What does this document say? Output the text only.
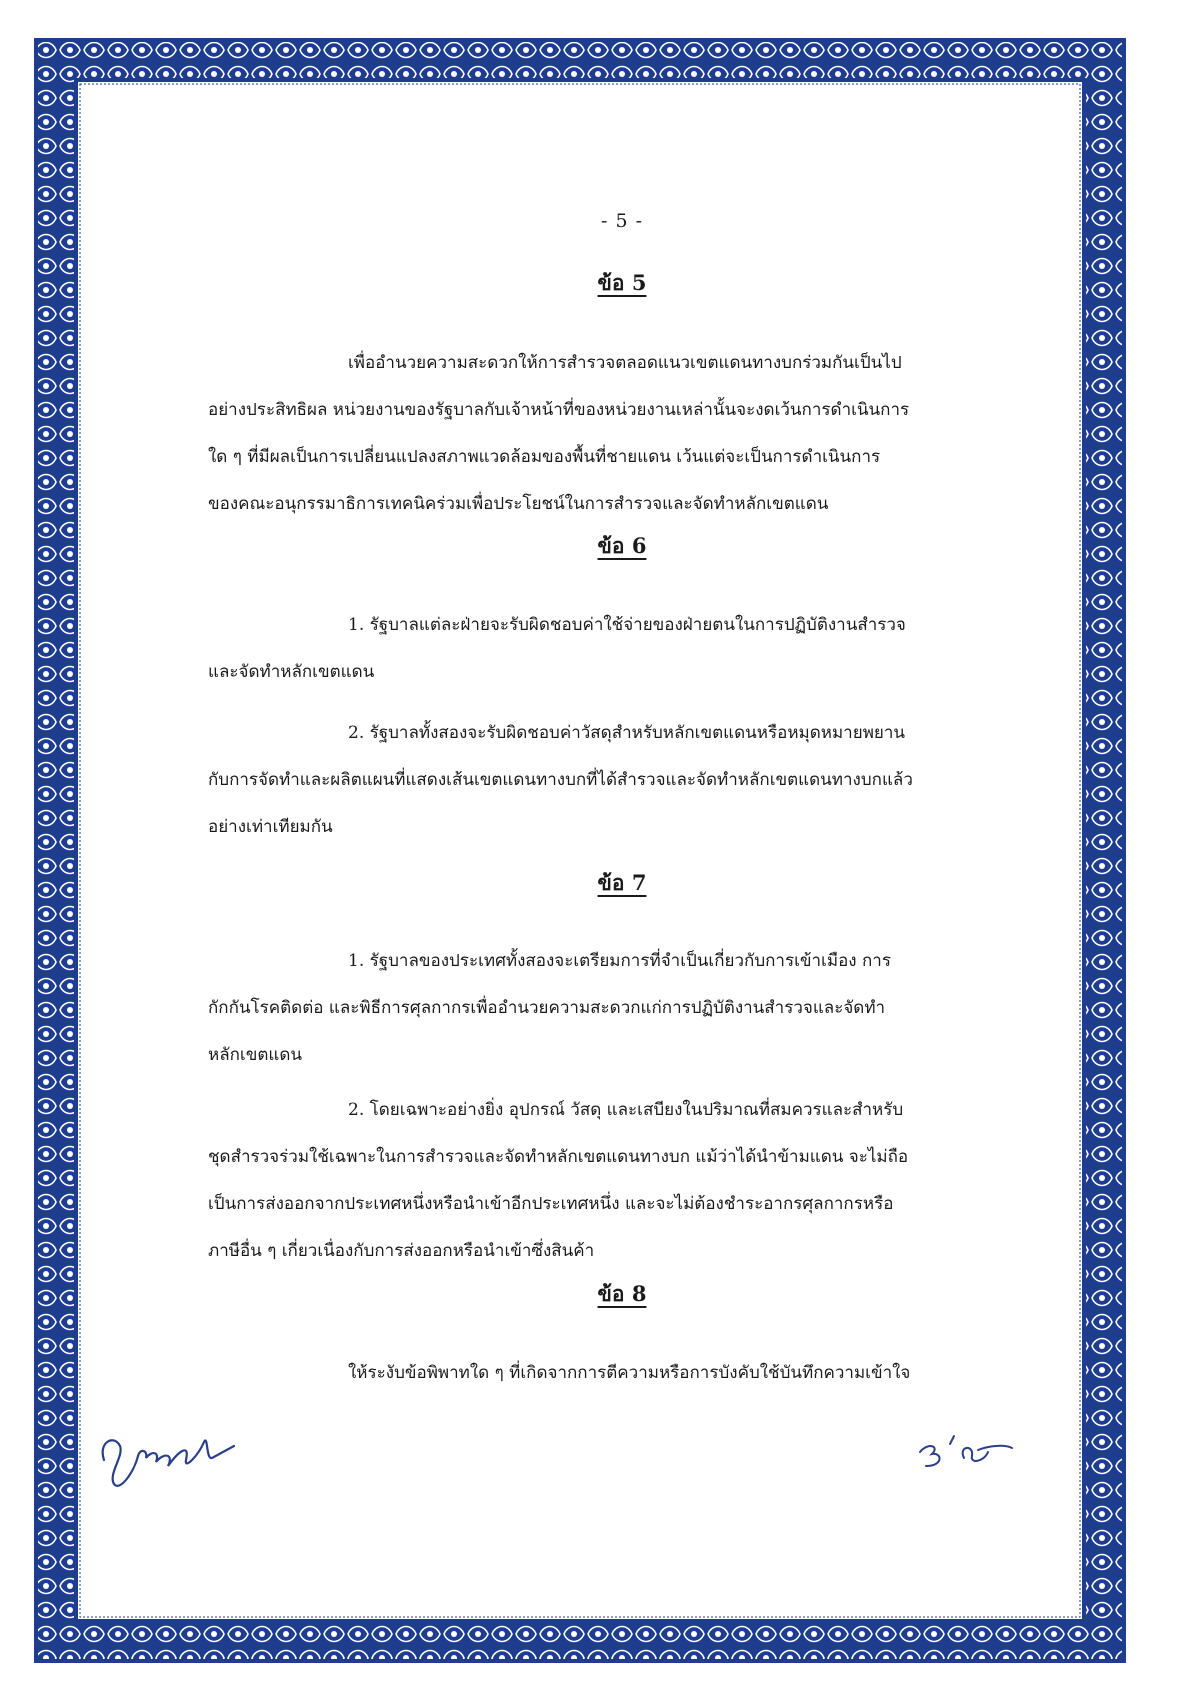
- 5 -
ข้อ 5
เพื่ออำนวยความสะดวกให้การสำรวจตลอดแนวเขตแดนทางบกร่วมกันเป็นไป
อย่างประสิทธิผล หน่วยงานของรัฐบาลกับเจ้าหน้าที่ของหน่วยงานเหล่านั้นจะงดเว้นการดำเนินการ
ใด ๆ ที่มีผลเป็นการเปลี่ยนแปลงสภาพแวดล้อมของพื้นที่ชายแดน เว้นแต่จะเป็นการดำเนินการ
ของคณะอนุกรรมาธิการเทคนิคร่วมเพื่อประโยชน์ในการสำรวจและจัดทำหลักเขตแดน
ข้อ 6
1. รัฐบาลแต่ละฝ่ายจะรับผิดชอบค่าใช้จ่ายของฝ่ายตนในการปฏิบัติงานสำรวจ
และจัดทำหลักเขตแดน
2. รัฐบาลทั้งสองจะรับผิดชอบค่าวัสดุสำหรับหลักเขตแดนหรือหมุดหมายพยาน
กับการจัดทำและผลิตแผนที่แสดงเส้นเขตแดนทางบกที่ได้สำรวจและจัดทำหลักเขตแดนทางบกแล้ว
อย่างเท่าเทียมกัน
ข้อ 7
1. รัฐบาลของประเทศทั้งสองจะเตรียมการที่จำเป็นเกี่ยวกับการเข้าเมือง การ
กักกันโรคติดต่อ และพิธีการศุลกากรเพื่ออำนวยความสะดวกแก่การปฏิบัติงานสำรวจและจัดทำ
หลักเขตแดน
2. โดยเฉพาะอย่างยิ่ง อุปกรณ์ วัสดุ และเสบียงในปริมาณที่สมควรและสำหรับ
ชุดสำรวจร่วมใช้เฉพาะในการสำรวจและจัดทำหลักเขตแดนทางบก แม้ว่าได้นำข้ามแดน จะไม่ถือ
เป็นการส่งออกจากประเทศหนึ่งหรือนำเข้าอีกประเทศหนึ่ง และจะไม่ต้องชำระอากรศุลกากรหรือ
ภาษีอื่น ๆ เกี่ยวเนื่องกับการส่งออกหรือนำเข้าซึ่งสินค้า
ข้อ 8
ให้ระงับข้อพิพาทใด ๆ ที่เกิดจากการตีความหรือการบังคับใช้บันทึกความเข้าใจ
